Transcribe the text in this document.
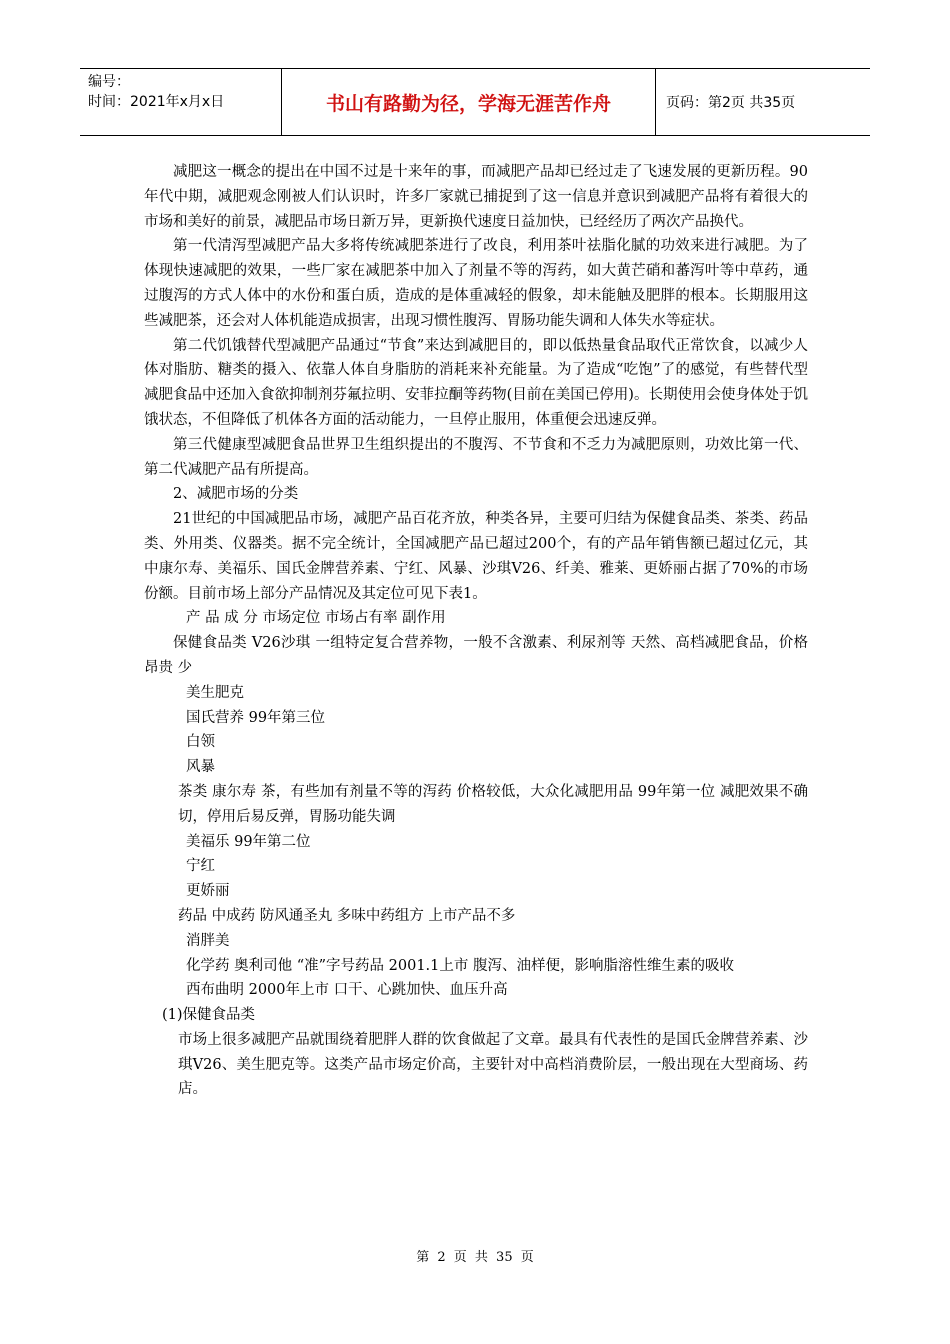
编号：
时间：2021年x月x日	书山有路勤为径，学海无涯苦作舟	页码：第2页 共35页

减肥这一概念的提出在中国不过是十来年的事，而减肥产品却已经过走了飞速发展的更新历程。90年代中期，减肥观念刚被人们认识时，许多厂家就已捕捉到了这一信息并意识到减肥产品将有着很大的市场和美好的前景，减肥品市场日新万异，更新换代速度日益加快，已经经历了两次产品换代。

第一代清泻型减肥产品大多将传统减肥茶进行了改良，利用茶叶祛脂化腻的功效来进行减肥。为了体现快速减肥的效果，一些厂家在减肥茶中加入了剂量不等的泻药，如大黄芒硝和蕃泻叶等中草药，通过腹泻的方式人体中的水份和蛋白质，造成的是体重减轻的假象，却未能触及肥胖的根本。长期服用这些减肥茶，还会对人体机能造成损害，出现习惯性腹泻、胃肠功能失调和人体失水等症状。

第二代饥饿替代型减肥产品通过“节食”来达到减肥目的，即以低热量食品取代正常饮食，以减少人体对脂肪、糖类的摄入、依靠人体自身脂肪的消耗来补充能量。为了造成“吃饱”了的感觉，有些替代型减肥食品中还加入食欲抑制剂芬氟拉明、安菲拉酮等药物(目前在美国已停用)。长期使用会使身体处于饥饿状态，不但降低了机体各方面的活动能力，一旦停止服用，体重便会迅速反弹。

第三代健康型减肥食品世界卫生组织提出的不腹泻、不节食和不乏力为减肥原则，功效比第一代、第二代减肥产品有所提高。

2、减肥市场的分类

21世纪的中国减肥品市场，减肥产品百花齐放，种类各异，主要可归结为保健食品类、茶类、药品类、外用类、仪器类。据不完全统计，全国减肥产品已超过200个，有的产品年销售额已超过亿元，其中康尔寿、美福乐、国氏金牌营养素、宁红、风暴、沙琪V26、纤美、雅莱、更娇丽占据了70%的市场份额。目前市场上部分产品情况及其定位可见下表1。

产 品 成 分 市场定位 市场占有率 副作用

保健食品类 V26沙琪 一组特定复合营养物，一般不含激素、利尿剂等 天然、高档减肥食品，价格昂贵 少

美生肥克

国氏营养 99年第三位

白领

风暴

茶类 康尔寿 茶，有些加有剂量不等的泻药 价格较低，大众化减肥用品 99年第一位 减肥效果不确切，停用后易反弹，胃肠功能失调

美福乐 99年第二位

宁红

更娇丽

药品 中成药 防风通圣丸 多味中药组方 上市产品不多

消胖美

化学药 奥利司他 “准”字号药品 2001.1上市 腹泻、油样便，影响脂溶性维生素的吸收

西布曲明 2000年上市 口干、心跳加快、血压升高

(1)保健食品类

市场上很多减肥产品就围绕着肥胖人群的饮食做起了文章。最具有代表性的是国氏金牌营养素、沙琪V26、美生肥克等。这类产品市场定价高，主要针对中高档消费阶层，一般出现在大型商场、药店。

第 2 页 共 35 页
